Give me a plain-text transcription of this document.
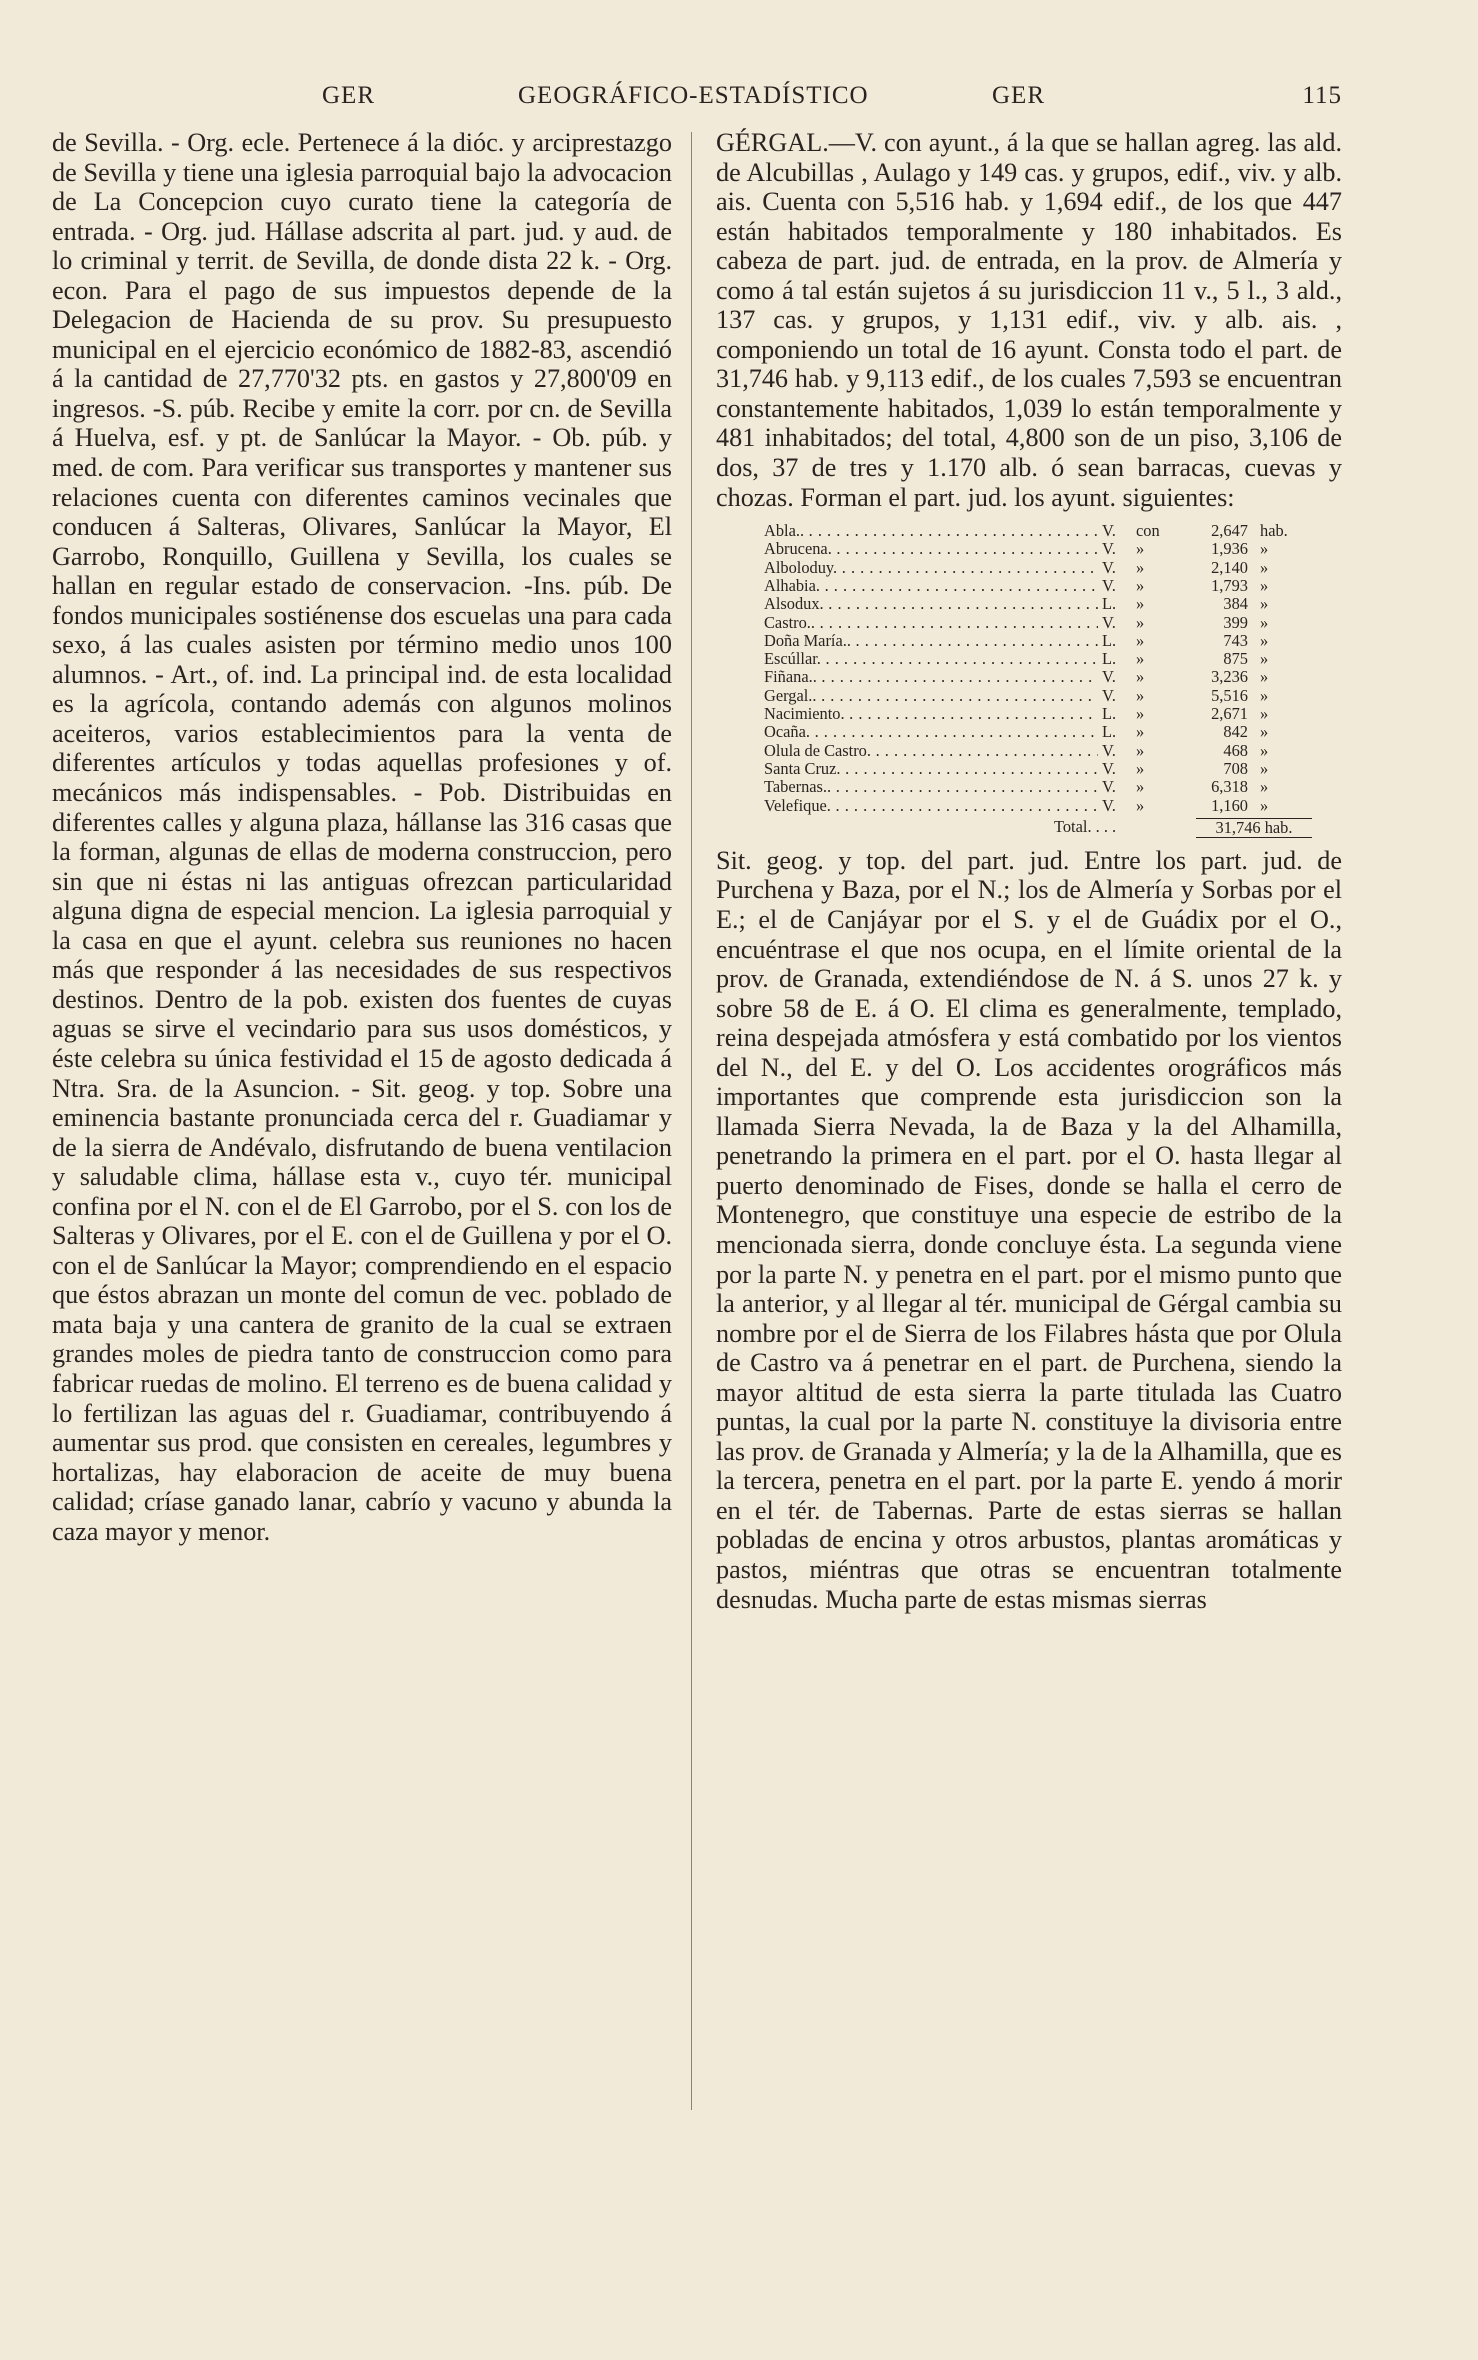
GER	GEOGRÁFICO-ESTADÍSTICO	GER	115

de Sevilla. - Org. ecle. Pertenece á la dióc. y arciprestazgo de Sevilla y tiene una iglesia parroquial bajo la advocacion de La Concepcion cuyo curato tiene la categoría de entrada. - Org. jud. Hállase adscrita al part. jud. y aud. de lo criminal y territ. de Sevilla, de donde dista 22 k. - Org. econ. Para el pago de sus impuestos depende de la Delegacion de Hacienda de su prov. Su presupuesto municipal en el ejercicio económico de 1882-83, ascendió á la cantidad de 27,770'32 pts. en gastos y 27,800'09 en ingresos. -S. púb. Recibe y emite la corr. por cn. de Sevilla á Huelva, esf. y pt. de Sanlúcar la Mayor. - Ob. púb. y med. de com. Para verificar sus transportes y mantener sus relaciones cuenta con diferentes caminos vecinales que conducen á Salteras, Olivares, Sanlúcar la Mayor, El Garrobo, Ronquillo, Guillena y Sevilla, los cuales se hallan en regular estado de conservacion. -Ins. púb. De fondos municipales sostiénense dos escuelas una para cada sexo, á las cuales asisten por término medio unos 100 alumnos. - Art., of. ind. La principal ind. de esta localidad es la agrícola, contando además con algunos molinos aceiteros, varios establecimientos para la venta de diferentes artículos y todas aquellas profesiones y of. mecánicos más indispensables. - Pob. Distribuidas en diferentes calles y alguna plaza, hállanse las 316 casas que la forman, algunas de ellas de moderna construccion, pero sin que ni éstas ni las antiguas ofrezcan particularidad alguna digna de especial mencion. La iglesia parroquial y la casa en que el ayunt. celebra sus reuniones no hacen más que responder á las necesidades de sus respectivos destinos. Dentro de la pob. existen dos fuentes de cuyas aguas se sirve el vecindario para sus usos domésticos, y éste celebra su única festividad el 15 de agosto dedicada á Ntra. Sra. de la Asuncion. - Sit. geog. y top. Sobre una eminencia bastante pronunciada cerca del r. Guadiamar y de la sierra de Andévalo, disfrutando de buena ventilacion y saludable clima, hállase esta v., cuyo tér. municipal confina por el N. con el de El Garrobo, por el S. con los de Salteras y Olivares, por el E. con el de Guillena y por el O. con el de Sanlúcar la Mayor; comprendiendo en el espacio que éstos abrazan un monte del comun de vec. poblado de mata baja y una cantera de granito de la cual se extraen grandes moles de piedra tanto de construccion como para fabricar ruedas de molino. El terreno es de buena calidad y lo fertilizan las aguas del r. Guadiamar, contribuyendo á aumentar sus prod. que consisten en cereales, legumbres y hortalizas, hay elaboracion de aceite de muy buena calidad; críase ganado lanar, cabrío y vacuno y abunda la caza mayor y menor.

GÉRGAL.—V. con ayunt., á la que se hallan agreg. las ald. de Alcubillas , Aulago y 149 cas. y grupos, edif., viv. y alb. ais. Cuenta con 5,516 hab. y 1,694 edif., de los que 447 están habitados temporalmente y 180 inhabitados. Es cabeza de part. jud. de entrada, en la prov. de Almería y como á tal están sujetos á su jurisdiccion 11 v., 5 l., 3 ald., 137 cas. y grupos, y 1,131 edif., viv. y alb. ais. , componiendo un total de 16 ayunt. Consta todo el part. de 31,746 hab. y 9,113 edif., de los cuales 7,593 se encuentran constantemente habitados, 1,039 lo están temporalmente y 481 inhabitados; del total, 4,800 son de un piso, 3,106 de dos, 37 de tres y 1.170 alb. ó sean barracas, cuevas y chozas. Forman el part. jud. los ayunt. siguientes:

Abla.. . . .	V. con	2,647 hab.
Abrucena. . . .	V. »	1,936 »
Alboloduy. . . .	V. »	2,140 »
Alhabia. . . .	V. »	1,793 »
Alsodux. . . .	L. »	384 »
Castro.. . . .	V. »	399 »
Doña María.. . . .	L. »	743 »
Escúllar. . . .	L. »	875 »
Fiñana.. . . .	V. »	3,236 »
Gergal.. . . .	V. »	5,516 »
Nacimiento. . . .	L. »	2,671 »
Ocaña. . . .	L. »	842 »
Olula de Castro. . . .	V. »	468 »
Santa Cruz. . . .	V. »	708 »
Tabernas.. . . .	V. »	6,318 »
Velefique. . . .	V. »	1,160 »
Total. . . .	31,746 hab.

Sit. geog. y top. del part. jud. Entre los part. jud. de Purchena y Baza, por el N.; los de Almería y Sorbas por el E.; el de Canjáyar por el S. y el de Guádix por el O., encuéntrase el que nos ocupa, en el límite oriental de la prov. de Granada, extendiéndose de N. á S. unos 27 k. y sobre 58 de E. á O. El clima es generalmente, templado, reina despejada atmósfera y está combatido por los vientos del N., del E. y del O. Los accidentes orográficos más importantes que comprende esta jurisdiccion son la llamada Sierra Nevada, la de Baza y la del Alhamilla, penetrando la primera en el part. por el O. hasta llegar al puerto denominado de Fises, donde se halla el cerro de Montenegro, que constituye una especie de estribo de la mencionada sierra, donde concluye ésta. La segunda viene por la parte N. y penetra en el part. por el mismo punto que la anterior, y al llegar al tér. municipal de Gérgal cambia su nombre por el de Sierra de los Filabres hásta que por Olula de Castro va á penetrar en el part. de Purchena, siendo la mayor altitud de esta sierra la parte titulada las Cuatro puntas, la cual por la parte N. constituye la divisoria entre las prov. de Granada y Almería; y la de la Alhamilla, que es la tercera, penetra en el part. por la parte E. yendo á morir en el tér. de Tabernas. Parte de estas sierras se hallan pobladas de encina y otros arbustos, plantas aromáticas y pastos, miéntras que otras se encuentran totalmente desnudas. Mucha parte de estas mismas sierras
